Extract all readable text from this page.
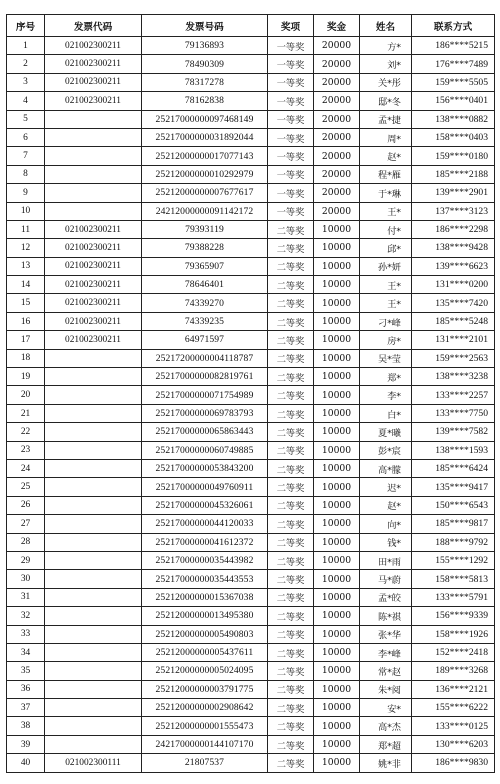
序号	发票代码	发票号码	奖项	奖金	姓名	联系方式
1	021002300211	79136893	一等奖	20000	方*	186****5215
2	021002300211	78490309	一等奖	20000	刘*	176****7489
3	021002300211	78317278	一等奖	20000	关*彤	159****5505
4	021002300211	78162838	一等奖	20000	邸*冬	156****0401
5		25217000000097468149	一等奖	20000	孟*捷	138****0882
6		25217000000031892044	一等奖	20000	周*	158****0403
7		25212000000017077143	一等奖	20000	赵*	159****0180
8		25212000000010292979	一等奖	20000	程*雁	185****2188
9		25212000000007677617	一等奖	20000	于*琳	139****2901
10		24212000000091142172	一等奖	20000	王*	137****3123
11	021002300211	79393119	二等奖	10000	付*	186****2298
12	021002300211	79388228	二等奖	10000	邱*	138****9428
13	021002300211	79365907	二等奖	10000	孙*妍	139****6623
14	021002300211	78646401	二等奖	10000	王*	131****0200
15	021002300211	74339270	二等奖	10000	王*	135****7420
16	021002300211	74339235	二等奖	10000	刁*峰	185****5248
17	021002300211	64971597	二等奖	10000	房*	131****2101
18		25217200000004118787	二等奖	10000	吴*莹	159****2563
19		25217000000082819761	二等奖	10000	郑*	138****3238
20		25217000000071754989	二等奖	10000	李*	133****2257
21		25217000000069783793	二等奖	10000	白*	133****7750
22		25217000000065863443	二等奖	10000	夏*曦	139****7582
23		25217000000060749885	二等奖	10000	彭*宸	138****1593
24		25217000000053843200	二等奖	10000	高*朦	185****6424
25		25217000000049760911	二等奖	10000	迟*	135****9417
26		25217000000045326061	二等奖	10000	赵*	150****6543
27		25217000000044120033	二等奖	10000	向*	185****9817
28		25217000000041612372	二等奖	10000	钱*	188****9792
29		25217000000035443982	二等奖	10000	田*雨	155****1292
30		25217000000035443553	二等奖	10000	马*蔚	158****5813
31		25212000000015367038	二等奖	10000	孟*皎	133****5791
32		25212000000013495380	二等奖	10000	陈*祺	156****9339
33		25212000000005490803	二等奖	10000	张*华	158****1926
34		25212000000005437611	二等奖	10000	李*峰	152****2418
35		25212000000005024095	二等奖	10000	常*赵	189****3268
36		25212000000003791775	二等奖	10000	朱*阅	136****2121
37		25212000000002908642	二等奖	10000	安*	155****6222
38		25212000000001555473	二等奖	10000	高*杰	133****0125
39		24217000000144107170	二等奖	10000	郑*超	130****6203
40	021002300111	21807537	二等奖	10000	姚*非	186****9830
